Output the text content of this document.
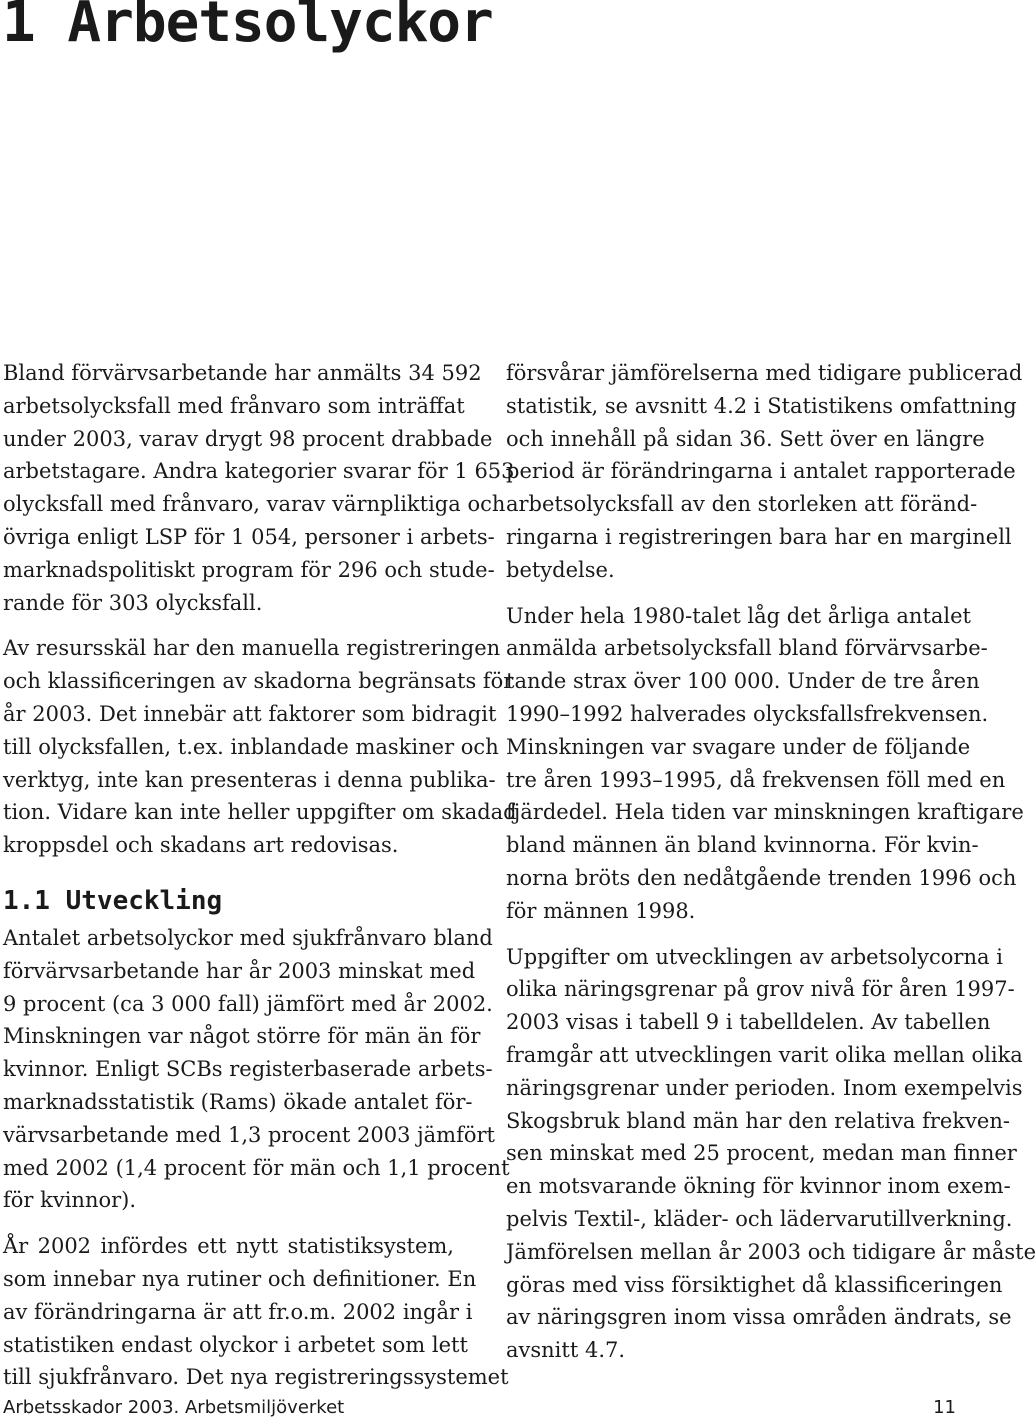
1 Arbetsolyckor
Bland förvärvsarbetande har anmälts 34 592
arbetsolycksfall med frånvaro som inträffat
under 2003, varav drygt 98 procent drabbade
arbetstagare. Andra kategorier svarar för 1 653
olycksfall med frånvaro, varav värnpliktiga och
övriga enligt LSP för 1 054, personer i arbets-
marknadspolitiskt program för 296 och stude-
rande för 303 olycksfall.
Av resursskäl har den manuella registreringen
och klassificeringen av skadorna begränsats för
år 2003. Det innebär att faktorer som bidragit
till olycksfallen, t.ex. inblandade maskiner och
verktyg, inte kan presenteras i denna publika-
tion. Vidare kan inte heller uppgifter om skadad
kroppsdel och skadans art redovisas.
1.1 Utveckling
Antalet arbetsolyckor med sjukfrånvaro bland
förvärvsarbetande har år 2003 minskat med
9 procent (ca 3 000 fall) jämfört med år 2002.
Minskningen var något större för män än för
kvinnor. Enligt SCBs registerbaserade arbets-
marknadsstatistik (Rams) ökade antalet för-
värvsarbetande med 1,3 procent 2003 jämfört
med 2002 (1,4 procent för män och 1,1 procent
för kvinnor).
År 2002 infördes ett nytt statistiksystem,
som innebar nya rutiner och definitioner. En
av förändringarna är att fr.o.m. 2002 ingår i
statistiken endast olyckor i arbetet som lett
till sjukfrånvaro. Det nya registreringssystemet
försvårar jämförelserna med tidigare publicerad
statistik, se avsnitt 4.2 i Statistikens omfattning
och innehåll på sidan 36. Sett över en längre
period är förändringarna i antalet rapporterade
arbetsolycksfall av den storleken att föränd-
ringarna i registreringen bara har en marginell
betydelse.
Under hela 1980-talet låg det årliga antalet
anmälda arbetsolycksfall bland förvärvsarbe-
tande strax över 100 000. Under de tre åren
1990–1992 halverades olycksfallsfrekvensen.
Minskningen var svagare under de följande
tre åren 1993–1995, då frekvensen föll med en
fjärdedel. Hela tiden var minskningen kraftigare
bland männen än bland kvinnorna. För kvin-
norna bröts den nedåtgående trenden 1996 och
för männen 1998.
Uppgifter om utvecklingen av arbetsolycorna i
olika näringsgrenar på grov nivå för åren 1997-
2003 visas i tabell 9 i tabelldelen. Av tabellen
framgår att utvecklingen varit olika mellan olika
näringsgrenar under perioden. Inom exempelvis
Skogsbruk bland män har den relativa frekven-
sen minskat med 25 procent, medan man finner
en motsvarande ökning för kvinnor inom exem-
pelvis Textil-, kläder- och lädervarutillverkning.
Jämförelsen mellan år 2003 och tidigare år måste
göras med viss försiktighet då klassificeringen
av näringsgren inom vissa områden ändrats, se
avsnitt 4.7.
Arbetsskador 2003. Arbetsmiljöverket	11
